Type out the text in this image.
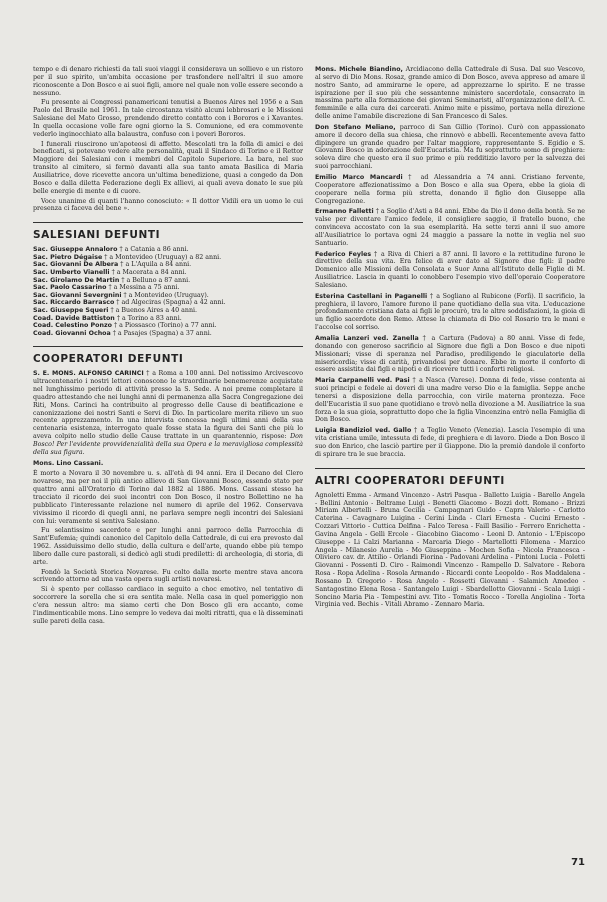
tempo e di denaro richiesti da tali suoi viaggi il considerava un sollievo e un ristoro per il suo spirito, un'ambita occasione per trasfondere nell'altri il suo amore riconoscente a Don Bosco e ai suoi figli, amore nel quale non volle essere secondo a nessuno.

Fu presente ai Congressi panamericani tenutisi a Buenos Aires nel 1956 e a San Paolo del Brasile nel 1961. In tale circostanza visitò alcuni lebbrosari e le Missioni Salesiane del Mato Grosso, prendendo diretto contatto con i Bororos e i Xavantes. In quella occasione volle fare ogni giorno la S. Comunione, ed era commovente vederlo inginocchiato alla balaustra, confuso con i poveri Bororos.

I funerali riuscirono un'apoteosi di affetto. Mescolati tra la folla di amici e dei beneficati, si potevano vedere alte personalità, quali il Sindaco di Torino e il Rettor Maggiore dei Salesiani con i membri del Capitolo Superiore. La bara, nel suo transito al cimitero, si fermò davanti alla sua tanto amata Basilica di Maria Ausiliatrice, dove ricevette ancora un'ultima benedizione, quasi a congedo da Don Bosco e dalla diletta Federazione degli Ex allievi, ai quali aveva donato le sue più belle energie di mente e di cuore.

Voce unanime di quanti l'hanno conosciuto: « Il dottor Vidili era un uomo le cui presenza ci faceva del bene ».

SALESIANI DEFUNTI
Sac. Giuseppe Annaloro † a Catania a 86 anni.
Sac. Pietro Dégaise † a Montevideo (Uruguay) a 82 anni.
Sac. Giovanni De Albera † a L'Aquila a 84 anni.
Sac. Umberto Vianelli † a Macerata a 84 anni.
Sac. Girolamo De Martin † a Belluno a 87 anni.
Sac. Paolo Cassarino † a Messina a 75 anni.
Sac. Giovanni Severgnini † a Montevideo (Uruguay).
Sac. Riccardo Barrasco † ad Algeciras (Spagna) a 42 anni.
Sac. Giuseppe Squeri † a Buenos Aires a 40 anni.
Coad. Davide Battiston † a Torino a 83 anni.
Coad. Celestino Ponzo † a Piossasco (Torino) a 77 anni.
Coad. Giovanni Ochoa † a Pasajes (Spagna) a 37 anni.
COOPERATORI DEFUNTI
S. E. MONS. ALFONSO CARINCI † a Roma a 100 anni. Del notissimo Arcivescovo ultracentenario i nostri lettori conoscono le straordinarie benemerenze acquistate nel lunghissimo periodo di attività presso la S. Sede. A noi preme completare il quadro attestando che nei lunghi anni di permanenza alla Sacra Congregazione dei Riti, Mons. Carinci ha contribuito al progresso delle Cause di beatificazione e canonizzazione dei nostri Santi e Servi di Dio. In particolare merita rilievo un suo recente apprezzamento. In una intervista concessa negli ultimi anni della sua centenaria esistenza, interrogato quale fosse stata la figura dei Santi che più lo aveva colpito nello studio delle Cause trattate in un quarantennio, rispose: Don Bosco! Per l'evidente provvidenzialità della sua Opera e la meravigliosa complessità della sua figura.
Mons. Lino Cassani.

È morto a Novara il 30 novembre u. s. all'età di 94 anni. Era il Decano del Clero novarese, ma per noi il più antico allievo di San Giovanni Bosco, essendo stato per quattro anni all'Oratorio di Torino dal 1882 al 1886. Mons. Cassani stesso ha tracciato il ricordo dei suoi incontri con Don Bosco, il nostro Bollettino ne ha pubblicato l'interessante relazione nel numero di aprile del 1962. Conservava vivissimo il ricordo di quegli anni, ne parlava sempre negli incontri dei Salesiani con lui: veramente si sentiva Salesiano.

Fu selantissimo sacerdote e per lunghi anni parroco della Parrocchia di Sant'Eufemia; quindi canonico del Capitolo della Cattedrale, di cui era prevosto dal 1962. Assiduissimo dello studio, della cultura e dell'arte, quando ebbe più tempo libero dalle cure pastorali, si dedicò agli studi prediletti: di archeologia, di storia, di arte.

Fondò la Società Storica Novarese. Fu colto dalla morte mentre stava ancora scrivendo attorno ad una vasta opera sugli artisti novaresi.

Si è spento per collasso cardiaco in seguito a choc emotivo, nel tentativo di soccorrere la sorella che si era sentita male. Nella casa in quel pomeriggio non c'era nessun altro: ma siamo certi che Don Bosco gli era accanto, come l'indimenticabile mons. Lino sempre lo vedeva dai molti ritratti, qua e là disseminati sulle pareti della casa.

Mons. Michele Biandino, Arcidiacono della Cattedrale di Susa. Dal suo Vescovo, al servo di Dio Mons. Rosaz, grande amico di Don Bosco, aveva appreso ad amare il nostro Santo, ad ammirarne le opere, ad apprezzarne lo spirito. E ne trasse ispirazione per il suo più che sessantenne ministero sacerdotale, consacrato in massima parte alla formazione dei giovani Seminaristi, all'organizzazione dell'A. C. femminile e alla cura dei carcerati. Animo mite e pissimo, portava nella direzione delle anime l'amabile discrezione di San Francesco di Sales.
Don Stefano Meliano, parroco di San Gillio (Torino). Curò con appassionato amore il decoro della sua chiesa, che rinnovò e abbellì. Recentemente aveva fatto dipingere un grande quadro per l'altar maggiore, rappresentante S. Egidio e S. Giovanni Bosco in adorazione dell'Eucaristia. Ma fu soprattutto uomo di preghiera: soleva dire che questo era il suo primo e più redditizio lavoro per la salvezza dei suoi parrocchiani.
Emilio Marco Mancardi † ad Alessandria a 74 anni. Cristiano fervente, Cooperatore affezionatissimo a Don Bosco e alla sua Opera, ebbe la gioia di cooperare nella forma più stretta, donando il figlio don Giuseppe alla Congregazione.
Ermanno Falletti † a Soglio d'Asti a 84 anni. Ebbe da Dio il dono della bontà. Se ne valse per diventare l'amico fedele, il consigliere saggio, il fratello buono, che convinceva accostato con la sua esemplarità. Ha sette terzi anni il suo amore all'Ausiliatrice lo portava ogni 24 maggio a passare la notte in veglia nel suo Santuario.
Federico Feyles † a Riva di Chieri a 87 anni. Il lavoro e la rettitudine furono le direttive della sua vita. Era felice di aver dato al Signore due figli: il padre Domenico alle Missioni della Consolata e Suor Anna all'Istituto delle Figlie di M. Ausiliatrice. Lascia in quanti lo conobbero l'esempio vivo dell'operaio Cooperatore Salesiano.
Esterina Castellani in Paganelli † a Sogliano al Rubicone (Forlì). Il sacrificio, la preghiera, il lavoro, l'amore furono il pane quotidiano della sua vita. L'educazione profondamente cristiana data ai figli le procurò, tra le altre soddisfazioni, la gioia di un figlio sacerdote don Remo. Attese la chiamata di Dio col Rosario tra le mani e l'accolse col sorriso.
Amalia Lanzeri ved. Zanella † a Cartura (Padova) a 80 anni. Visse di fede, donando con generoso sacrificio al Signore due figli a Don Bosco e due nipoti Missionari; visse di speranza nel Paradiso, prediligendo le giaculatorie della misericordia; visse di carità, privandosi per donare. Ebbe in morte il conforto di essere assistita dai figli e nipoti e di ricevere tutti i conforti religiosi.
Maria Carpanelli ved. Pasi † a Nasca (Varese). Donna di fede, visse contenta ai suoi principi e fedele ai doveri di una madre verso Dio e la famiglia. Seppe anche tenersi a disposizione della parrocchia, con virile materna prontezza. Fece dell'Eucaristia il suo pane quotidiano e trovò nella divozione a M. Ausiliatrice la sua forza e la sua gioia, soprattutto dopo che la figlia Vincenzina entrò nella Famiglia di Don Bosco.
Luigia Bandiziol ved. Gallo † a Teglio Veneto (Venezia). Lascia l'esempio di una vita cristiana umile, intessuta di fede, di preghiera e di lavoro. Diede a Don Bosco il suo don Enrico, che lasciò partire per il Giappone. Dio la premiò dandole il conforto di spirare tra le sue braccia.
ALTRI COOPERATORI DEFUNTI

Agnoletti Emma - Armand Vincenzo - Astri Pasqua - Balletto Luigia - Barello Angela - Bellini Antonio - Beltrame Luigi - Benetti Giacomo - Bozzi dott. Romano - Brizzi Miriam Albertelli - Bruna Cecilia - Campagnari Guido - Capra Valerio - Carlotto Caterina - Cavagnaro Luigina - Cerini Linda - Clari Ernesta - Cucini Ernesto - Cozzari Vittorio - Cuttica Delfina - Falco Teresa - Faill Basilio - Ferrero Enrichetta - Gavina Angela - Gelli Ercole - Giacobino Giacomo - Leoni D. Antonio - L'Episcopo Giuseppe - Li Calzi Marianna - Marcaria Diego - Martellotti Filomena - Marzico Angela - Milanesio Aurelia - Mo Giuseppina - Mochen Sofia - Nicola Francesca - Oliviero cav. dr. Attilio - Orlandi Fiorina - Padovani Ardelina - Pintoni Lucia - Poletti Giovanni - Possenti D. Ciro - Raimondi Vincenzo - Rampello D. Salvatore - Rebora Rosa - Ropa Adelina - Rosola Armando - Riccardi conte Leopoldo - Ros Maddalena - Rossano D. Gregorio - Rosa Angelo - Rossetti Giovanni - Salamich Amedeo - Santagostino Elena Rosa - Santangelo Luigi - Sbardellotto Giovanni - Scala Luigi - Soncino Maria Pia - Tempestini avv. Tito - Tomatis Rocco - Torella Angiolina - Torta Virginia ved. Bechis - Vitali Abramo - Zennaro Maria.

71
